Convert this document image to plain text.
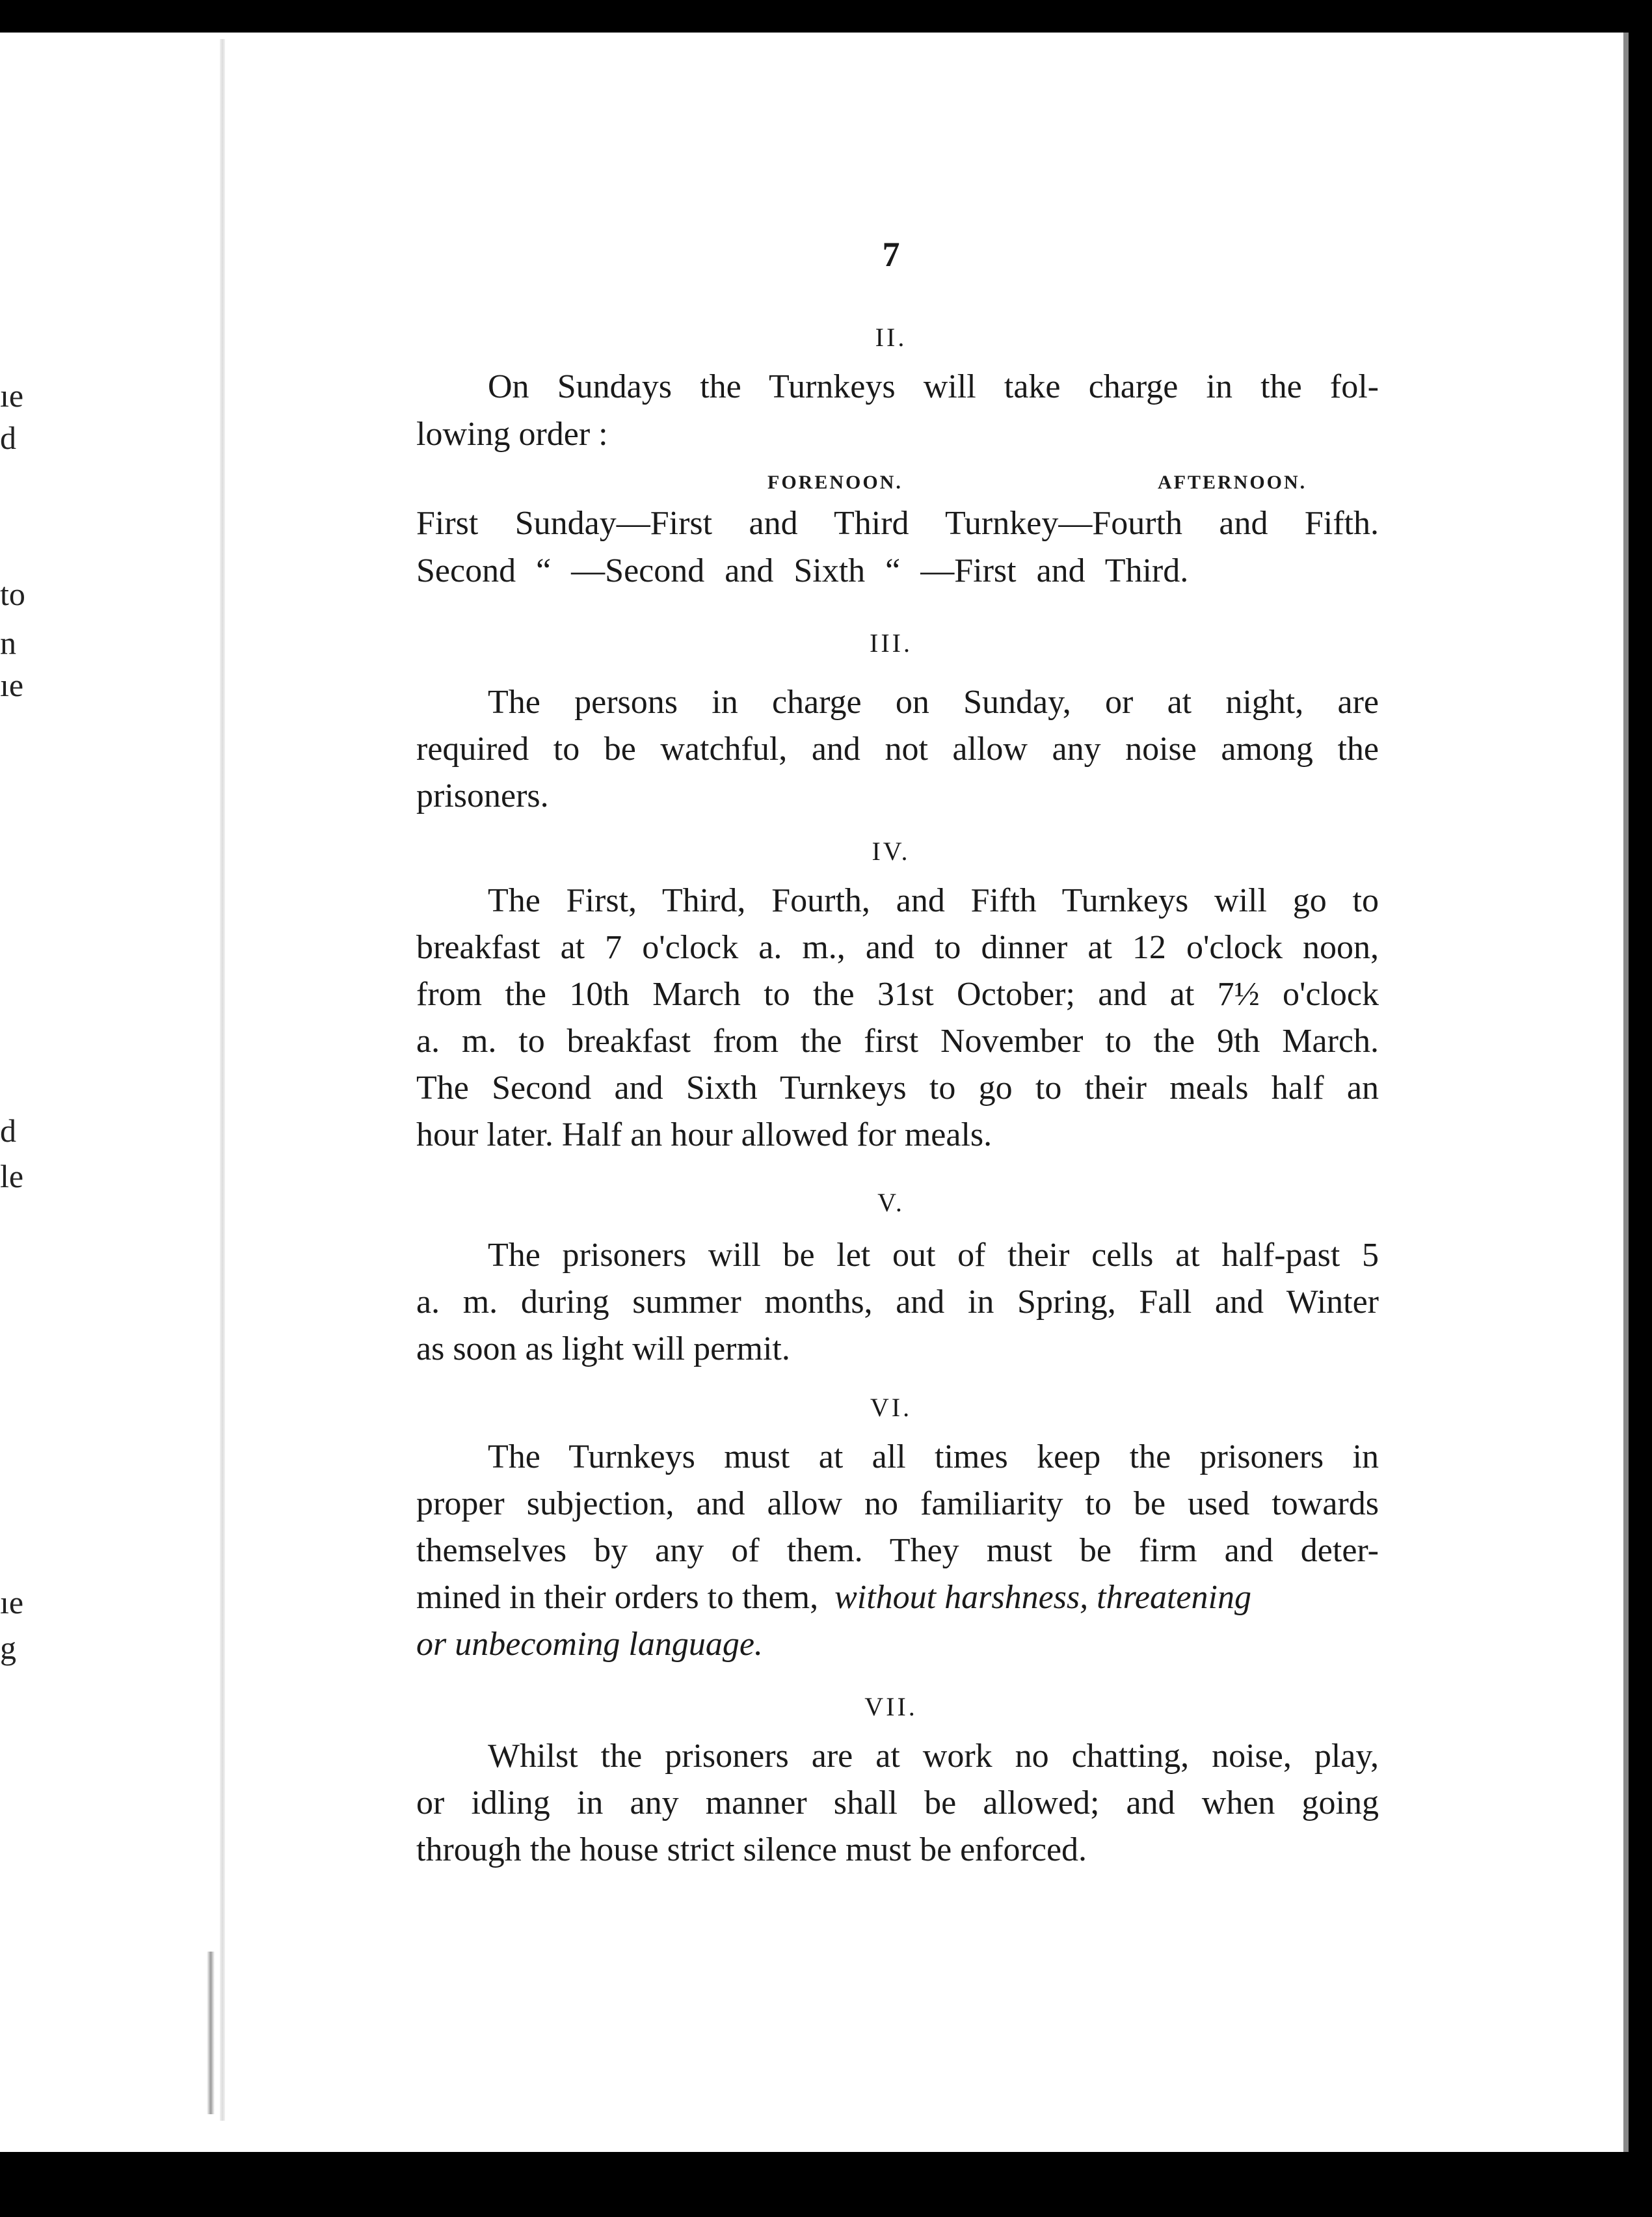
ıe
d
to
n
ıe
d
le
ıe
g
7
II.
On Sundays the Turnkeys will take charge in the fol-
lowing order :
FORENOON.	AFTERNOON.
First Sunday—First and Third Turnkey—Fourth and Fifth.
Second “ —Second and Sixth “ —First and Third.
III.
The persons in charge on Sunday, or at night, are
required to be watchful, and not allow any noise among the
prisoners.
IV.
The First, Third, Fourth, and Fifth Turnkeys will go to
breakfast at 7 o'clock a. m., and to dinner at 12 o'clock noon,
from the 10th March to the 31st October; and at 7½ o'clock
a. m. to breakfast from the first November to the 9th March.
The Second and Sixth Turnkeys to go to their meals half an
hour later. Half an hour allowed for meals.
V.
The prisoners will be let out of their cells at half-past 5
a. m. during summer months, and in Spring, Fall and Winter
as soon as light will permit.
VI.
The Turnkeys must at all times keep the prisoners in
proper subjection, and allow no familiarity to be used towards
themselves by any of them. They must be firm and deter-
mined in their orders to them, without harshness, threatening
or unbecoming language.
VII.
Whilst the prisoners are at work no chatting, noise, play,
or idling in any manner shall be allowed; and when going
through the house strict silence must be enforced.
